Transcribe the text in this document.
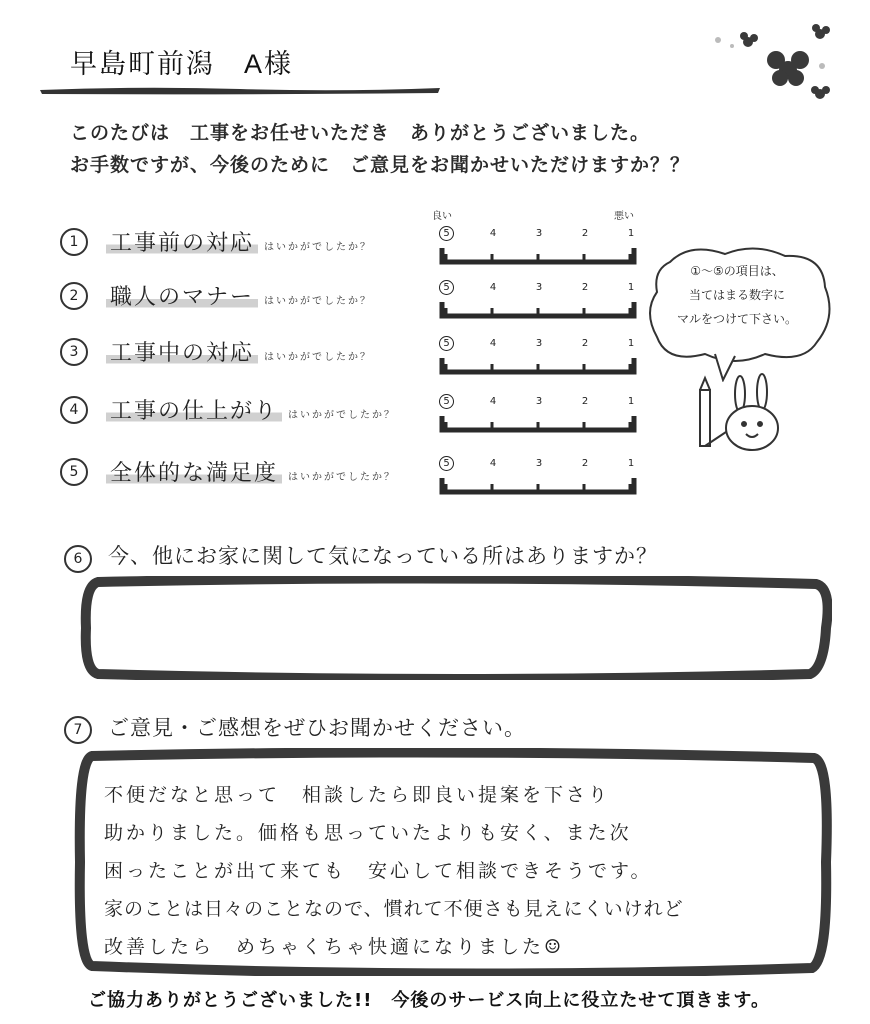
早島町前潟　A様
このたびは　工事をお任せいただき　ありがとうございました。
お手数ですが、今後のために　ご意見をお聞かせいただけますか？？
良い	悪い
1	工事前の対応 はいかがでしたか？
5	4	3	2	1
2	職人のマナー はいかがでしたか？
5	4	3	2	1
3	工事中の対応 はいかがでしたか？
5	4	3	2	1
4	工事の仕上がり はいかがでしたか？
5	4	3	2	1
5	全体的な満足度 はいかがでしたか？
5	4	3	2	1
①～⑤の項目は、
当てはまる数字に
マルをつけて下さい。
6	今、他にお家に関して気になっている所はありますか？
7	ご意見・ご感想をぜひお聞かせください。
不便だなと思って　相談したら即良い提案を下さり
助かりました。価格も思っていたよりも安く、また次
困ったことが出て来ても　安心して相談できそうです。
家のことは日々のことなので、慣れて不便さも見えにくいけれど
改善したら　めちゃくちゃ快適になりました☺
ご協力ありがとうございました!!　今後のサービス向上に役立たせて頂きます。
